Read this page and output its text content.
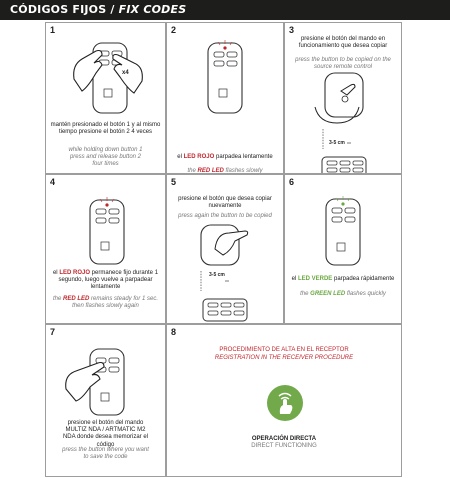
CÓDIGOS FIJOS / FIX CODES
1
x4
mantén presionado el botón 1 y al mismo tiempo presione el botón 2 4 veces
while holding down button 1 press and release button 2 four times
2
el LED ROJO parpadea lentamente
the RED LED flashes slowly
3
presione el botón del mando en funcionamiento que desea copiar
press the button to be copied on the source remote control
3-5 cm
4
el LED ROJO permanece fijo durante 1 segundo, luego vuelve a parpadear lentamente
the RED LED remains steady for 1 sec. then flashes slowly again
5
presione el botón que desea copiar nuevamente
press again the button to be copied
3-5 cm
6
el LED VERDE parpadea rápidamente
the GREEN LED flashes quickly
7
presione el botón del mando MULTIZ NDA / ARTMATIC M2 NDA donde desea memorizar el código
press the button where you want to save the code
8
PROCEDIMIENTO DE ALTA EN EL RECEPTOR
REGISTRATION IN THE RECEIVER PROCEDURE
OPERACIÓN DIRECTA
DIRECT FUNCTIONING
